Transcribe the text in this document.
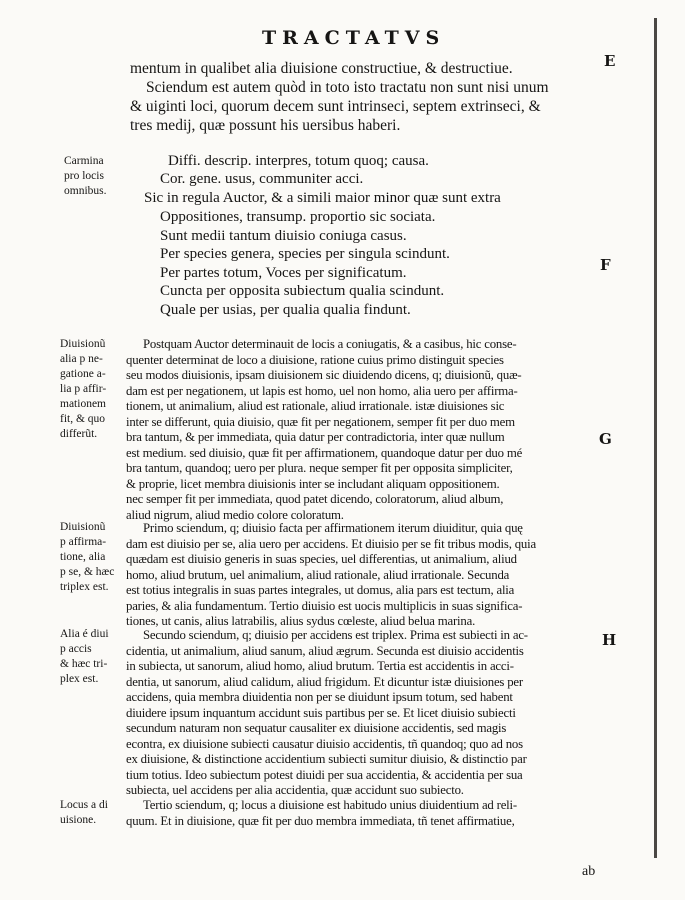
TRACTATVS
E
F
G
H
mentum in qualibet alia diuisione constructiue, & destructiue.
Sciendum est autem quòd in toto isto tractatu non sunt nisi unum
& uiginti loci, quorum decem sunt intrinseci, septem extrinseci, &
tres medij, quæ possunt his uersibus haberi.
Carmina
pro locis
omnibus.
Diuisionũ
alia p ne-
gatione a-
lia p affir-
mationem
fit, & quo
differũt.
Diuisionũ
p affirma-
tione, alia
p se, & hæc
triplex est.
Alia é diui
p accis
& hæc tri-
plex est.
Locus a di
uisione.
Diffi. descrip. interpres, totum quoq; causa.
Cor. gene. usus, communiter acci.
Sic in regula Auctor, & a simili maior minor quæ sunt extra
Oppositiones, transump. proportio sic sociata.
Sunt medii tantum diuisio coniuga casus.
Per species genera, species per singula scindunt.
Per partes totum, Voces per significatum.
Cuncta per opposita subiectum qualia scindunt.
Quale per usias, per qualia qualia findunt.
Postquam Auctor determinauit de locis a coniugatis, & a casibus, hic conse-
quenter determinat de loco a diuisione, ratione cuius primo distinguit species
seu modos diuisionis, ipsam diuisionem sic diuidendo dicens, q; diuisionũ, quæ-
dam est per negationem, ut lapis est homo, uel non homo, alia uero per affirma-
tionem, ut animalium, aliud est rationale, aliud irrationale. istæ diuisiones sic
inter se differunt, quia diuisio, quæ fit per negationem, semper fit per duo mem
bra tantum, & per immediata, quia datur per contradictoria, inter quæ nullum
est medium. sed diuisio, quæ fit per affirmationem, quandoque datur per duo mé
bra tantum, quandoq; uero per plura. neque semper fit per opposita simpliciter,
& proprie, licet membra diuisionis inter se includant aliquam oppositionem.
nec semper fit per immediata, quod patet dicendo, coloratorum, aliud album,
aliud nigrum, aliud medio colore coloratum.
Primo sciendum, q; diuisio facta per affirmationem iterum diuiditur, quia quę
dam est diuisio per se, alia uero per accidens. Et diuisio per se fit tribus modis, quia
quædam est diuisio generis in suas species, uel differentias, ut animalium, aliud
homo, aliud brutum, uel animalium, aliud rationale, aliud irrationale. Secunda
est totius integralis in suas partes integrales, ut domus, alia pars est tectum, alia
paries, & alia fundamentum. Tertio diuisio est uocis multiplicis in suas significa-
tiones, ut canis, alius latrabilis, alius sydus cœleste, aliud belua marina.
Secundo sciendum, q; diuisio per accidens est triplex. Prima est subiecti in ac-
cidentia, ut animalium, aliud sanum, aliud ægrum. Secunda est diuisio accidentis
in subiecta, ut sanorum, aliud homo, aliud brutum. Tertia est accidentis in acci-
dentia, ut sanorum, aliud calidum, aliud frigidum. Et dicuntur istæ diuisiones per
accidens, quia membra diuidentia non per se diuidunt ipsum totum, sed habent
diuidere ipsum inquantum accidunt suis partibus per se. Et licet diuisio subiecti
secundum naturam non sequatur causaliter ex diuisione accidentis, sed magis
econtra, ex diuisione subiecti causatur diuisio accidentis, tñ quandoq; quo ad nos
ex diuisione, & distinctione accidentium subiecti sumitur diuisio, & distinctio par
tium totius. Ideo subiectum potest diuidi per sua accidentia, & accidentia per sua
subiecta, uel accidens per alia accidentia, quæ accidunt suo subiecto.
Tertio sciendum, q; locus a diuisione est habitudo unius diuidentium ad reli-
quum. Et in diuisione, quæ fit per duo membra immediata, tñ tenet affirmatiue,
ab
